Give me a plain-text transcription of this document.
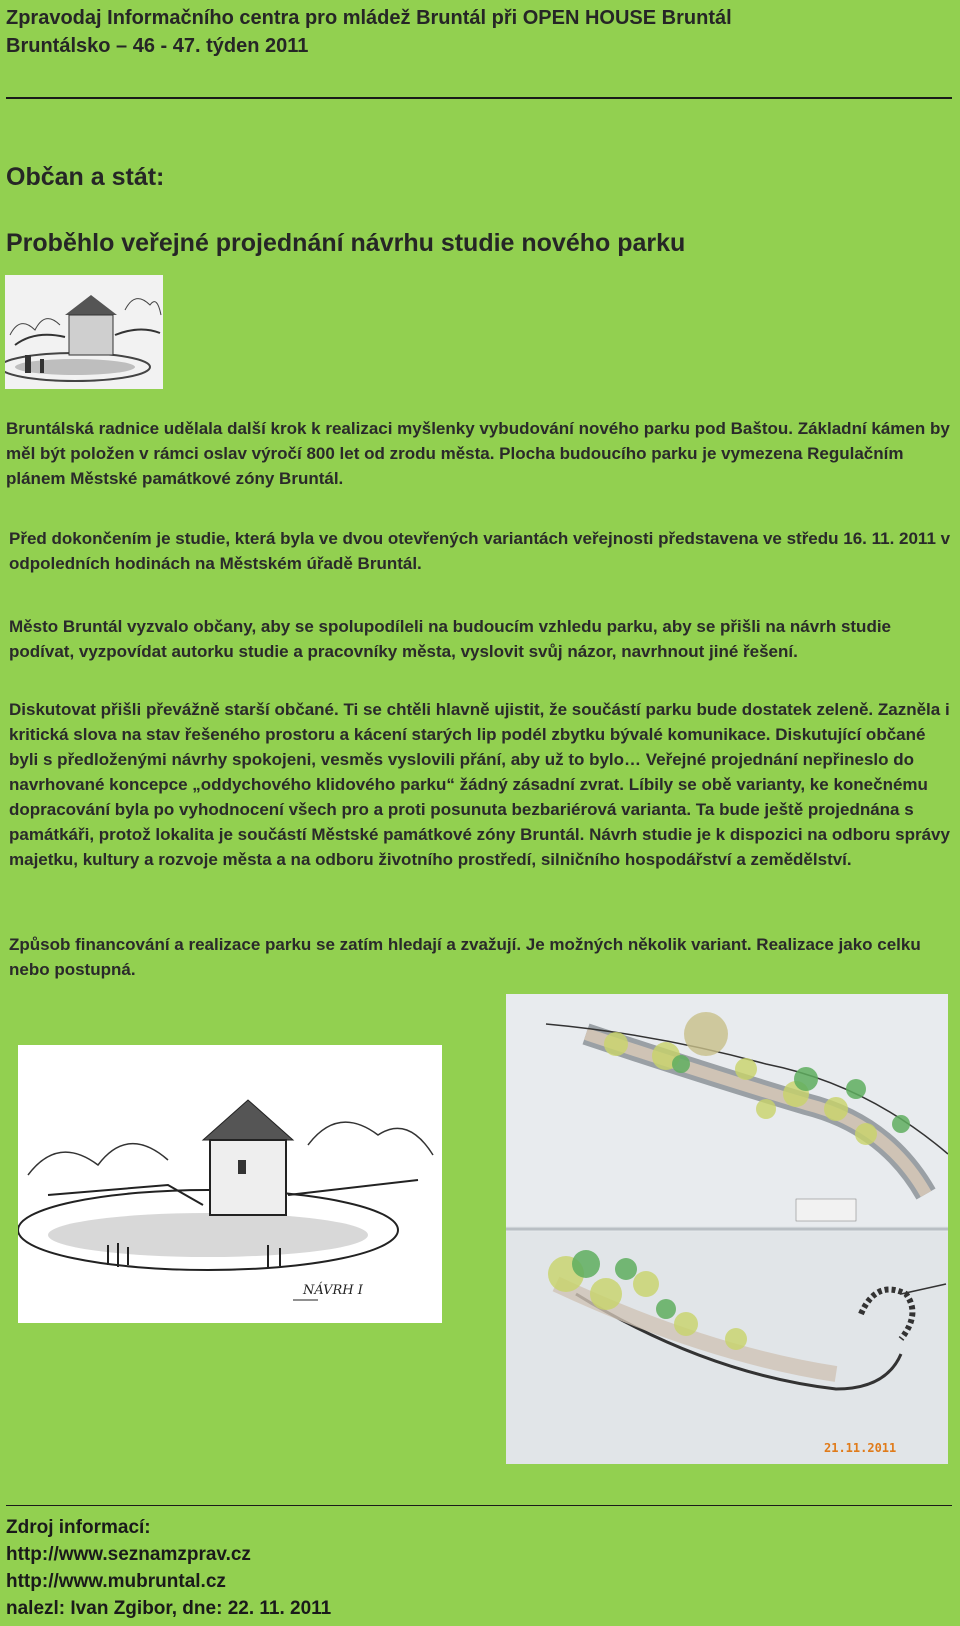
Zpravodaj Informačního centra pro mládež Bruntál při OPEN HOUSE Bruntál
Bruntálsko – 46 - 47. týden 2011
Občan a stát:
Proběhlo veřejné projednání návrhu studie nového parku

Bruntálská radnice udělala další krok k realizaci myšlenky vybudování nového parku pod Baštou. Základní kámen by měl být položen v rámci oslav výročí 800 let od zrodu města. Plocha budoucího parku je vymezena Regulačním plánem Městské památkové zóny Bruntál.

Před dokončením je studie, která byla ve dvou otevřených variantách veřejnosti představena ve středu 16. 11. 2011 v odpoledních hodinách na Městském úřadě Bruntál.

Město Bruntál vyzvalo občany, aby se spolupodíleli na budoucím vzhledu parku, aby se přišli na návrh studie podívat, vyzpovídat autorku studie a pracovníky města, vyslovit svůj názor, navrhnout jiné řešení.

Diskutovat přišli převážně starší občané. Ti se chtěli hlavně ujistit, že součástí parku bude dostatek zeleně. Zazněla i kritická slova na stav řešeného prostoru a kácení starých lip podél zbytku bývalé komunikace. Diskutující občané byli s předloženými návrhy spokojeni, vesměs vyslovili přání, aby už to bylo… Veřejné projednání nepřineslo do navrhované koncepce „oddychového klidového parku“ žádný zásadní zvrat. Líbily se obě varianty, ke konečnému dopracování byla po vyhodnocení všech pro a proti posunuta bezbariérová varianta. Ta bude ještě projednána s památkáři, protož lokalita je součástí Městské památkové zóny Bruntál. Návrh studie je k dispozici na odboru správy majetku, kultury a rozvoje města a na odboru životního prostředí, silničního hospodářství a zemědělství.

Způsob financování a realizace parku se zatím hledají a zvažují. Je možných několik variant. Realizace jako celku nebo postupná.

NÁVRH I
21.11.2011
Zdroj informací:
http://www.seznamzprav.cz
http://www.mubruntal.cz
nalezl: Ivan Zgibor, dne: 22. 11. 2011
